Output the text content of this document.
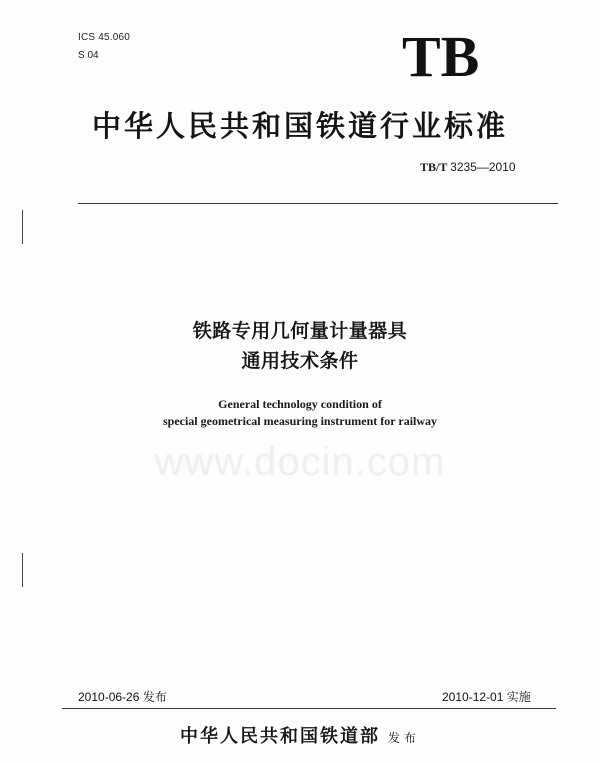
ICS 45.060
S 04	TB
中华人民共和国铁道行业标准
TB/T 3235—2010
铁路专用几何量计量器具
通用技术条件
General technology condition of
special geometrical measuring instrument for railway
www.docin.com
2010-06-26 发布	2010-12-01 实施
中华人民共和国铁道部 发布
